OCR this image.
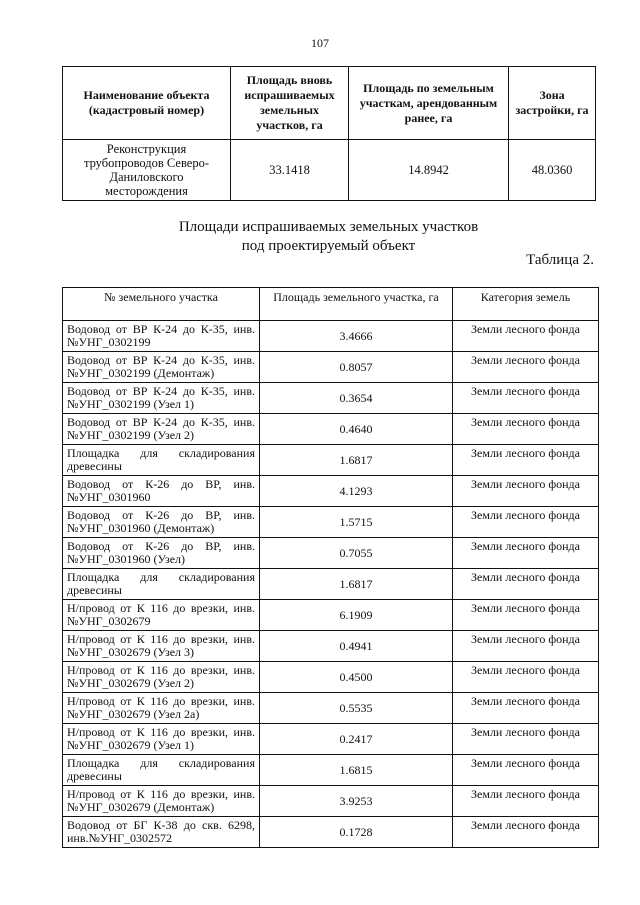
107
Наименование объекта (кадастровый номер)	Площадь вновь испрашиваемых земельных участков, га	Площадь по земельным участкам, арендованным ранее, га	Зона застройки, га
Реконструкция трубопроводов Северо-Даниловского месторождения	33.1418	14.8942	48.0360
Площади испрашиваемых земельных участков
под проектируемый объект
Таблица 2.
№ земельного участка	Площадь земельного участка, га	Категория земель
Водовод от ВР К-24 до К-35, инв.№УНГ_0302199	3.4666	Земли лесного фонда
Водовод от ВР К-24 до К-35, инв.№УНГ_0302199 (Демонтаж)	0.8057	Земли лесного фонда
Водовод от ВР К-24 до К-35, инв.№УНГ_0302199 (Узел 1)	0.3654	Земли лесного фонда
Водовод от ВР К-24 до К-35, инв.№УНГ_0302199 (Узел 2)	0.4640	Земли лесного фонда
Площадка для складирования древесины	1.6817	Земли лесного фонда
Водовод от К-26 до ВР, инв.№УНГ_0301960	4.1293	Земли лесного фонда
Водовод от К-26 до ВР, инв.№УНГ_0301960 (Демонтаж)	1.5715	Земли лесного фонда
Водовод от К-26 до ВР, инв.№УНГ_0301960 (Узел)	0.7055	Земли лесного фонда
Площадка для складирования древесины	1.6817	Земли лесного фонда
Н/провод от К 116 до врезки, инв.№УНГ_0302679	6.1909	Земли лесного фонда
Н/провод от К 116 до врезки, инв.№УНГ_0302679 (Узел 3)	0.4941	Земли лесного фонда
Н/провод от К 116 до врезки, инв.№УНГ_0302679 (Узел 2)	0.4500	Земли лесного фонда
Н/провод от К 116 до врезки, инв.№УНГ_0302679 (Узел 2а)	0.5535	Земли лесного фонда
Н/провод от К 116 до врезки, инв.№УНГ_0302679 (Узел 1)	0.2417	Земли лесного фонда
Площадка для складирования древесины	1.6815	Земли лесного фонда
Н/провод от К 116 до врезки, инв.№УНГ_0302679 (Демонтаж)	3.9253	Земли лесного фонда
Водовод от БГ К-38 до скв. 6298, инв.№УНГ_0302572	0.1728	Земли лесного фонда
